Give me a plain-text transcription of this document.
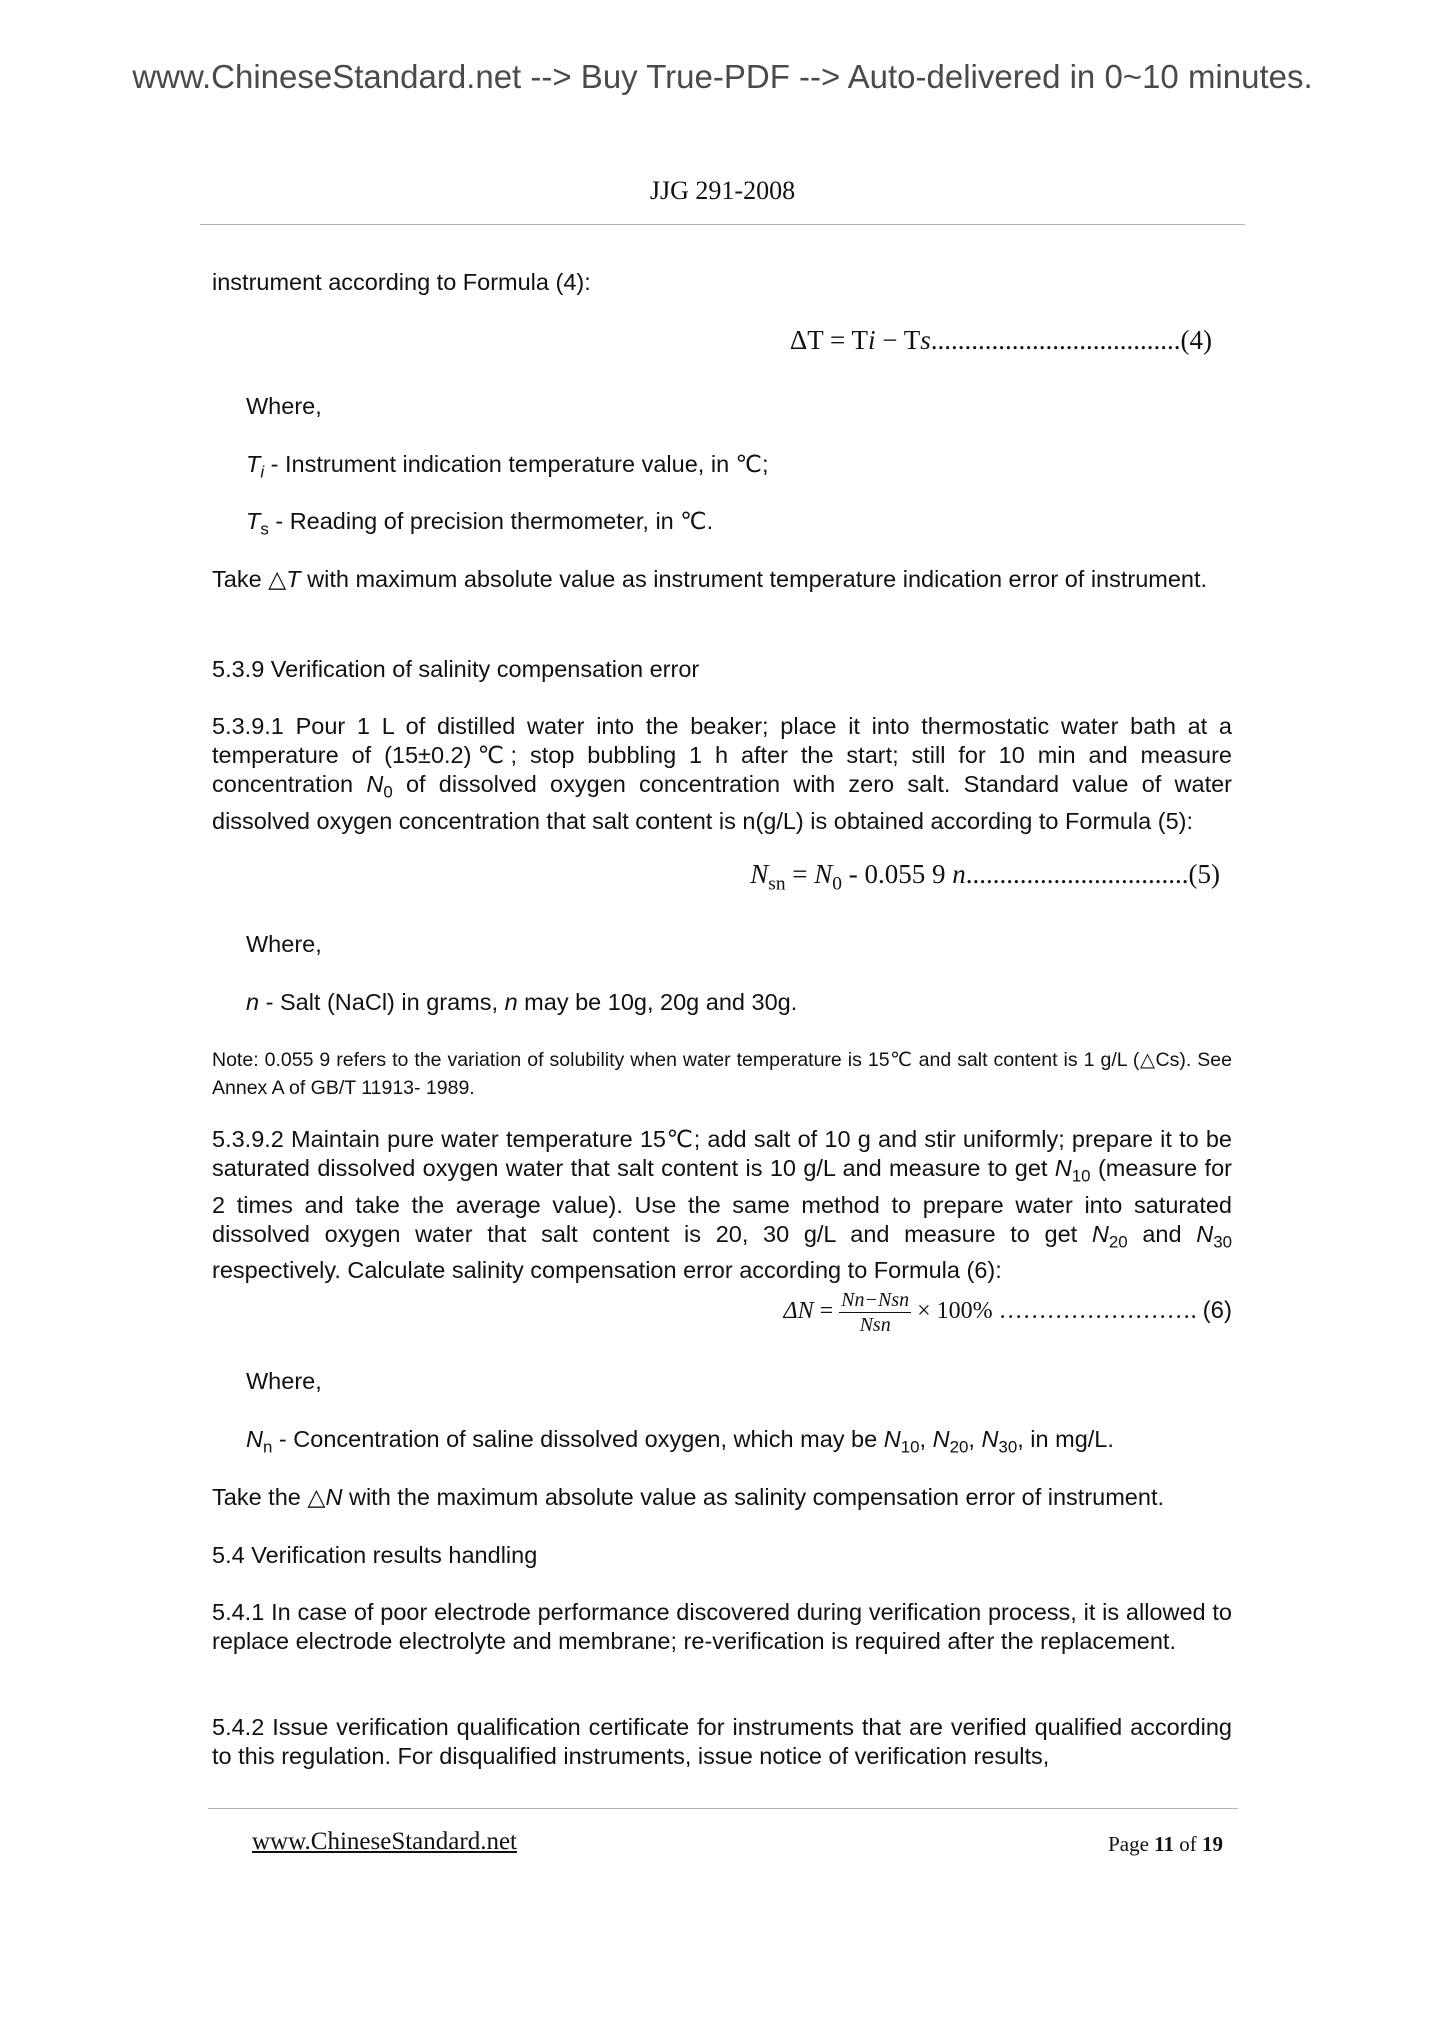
www.ChineseStandard.net --> Buy True-PDF --> Auto-delivered in 0~10 minutes.
JJG 291-2008
instrument according to Formula (4):
ΔT = Ti − Ts.....................................(4)
Where,
$T_i$ - Instrument indication temperature value, in ℃;
$T_s$ - Reading of precision thermometer, in ℃.
Take △T with maximum absolute value as instrument temperature indication error of instrument.
5.3.9 Verification of salinity compensation error
5.3.9.1 Pour 1 L of distilled water into the beaker; place it into thermostatic water bath at a temperature of (15±0.2)℃; stop bubbling 1 h after the start; still for 10 min and measure concentration $N_0$ of dissolved oxygen concentration with zero salt. Standard value of water dissolved oxygen concentration that salt content is n(g/L) is obtained according to Formula (5):
$N_{sn} = N_0 - 0.055$ 9 n.................................(5)
Where,
n - Salt (NaCl) in grams, n may be 10g, 20g and 30g.
Note: 0.055 9 refers to the variation of solubility when water temperature is 15℃ and salt content is 1 g/L (△Cs). See Annex A of GB/T 11913- 1989.
5.3.9.2 Maintain pure water temperature 15℃; add salt of 10 g and stir uniformly; prepare it to be saturated dissolved oxygen water that salt content is 10 g/L and measure to get $N_{10}$ (measure for 2 times and take the average value). Use the same method to prepare water into saturated dissolved oxygen water that salt content is 20, 30 g/L and measure to get $N_{20}$ and $N_{30}$ respectively. Calculate salinity compensation error according to Formula (6):
$\Delta N = \frac{\text{Nn−Nsn}}{\text{Nsn}} \times 100\%$ ……………………. (6)
Where,
$N_n$ - Concentration of saline dissolved oxygen, which may be $N_{10}$, $N_{20}$, $N_{30}$, in mg/L.
Take the △N with the maximum absolute value as salinity compensation error of instrument.
5.4 Verification results handling
5.4.1 In case of poor electrode performance discovered during verification process, it is allowed to replace electrode electrolyte and membrane; re-verification is required after the replacement.
5.4.2 Issue verification qualification certificate for instruments that are verified qualified according to this regulation. For disqualified instruments, issue notice of verification results,
www.ChineseStandard.net	Page 11 of 19
